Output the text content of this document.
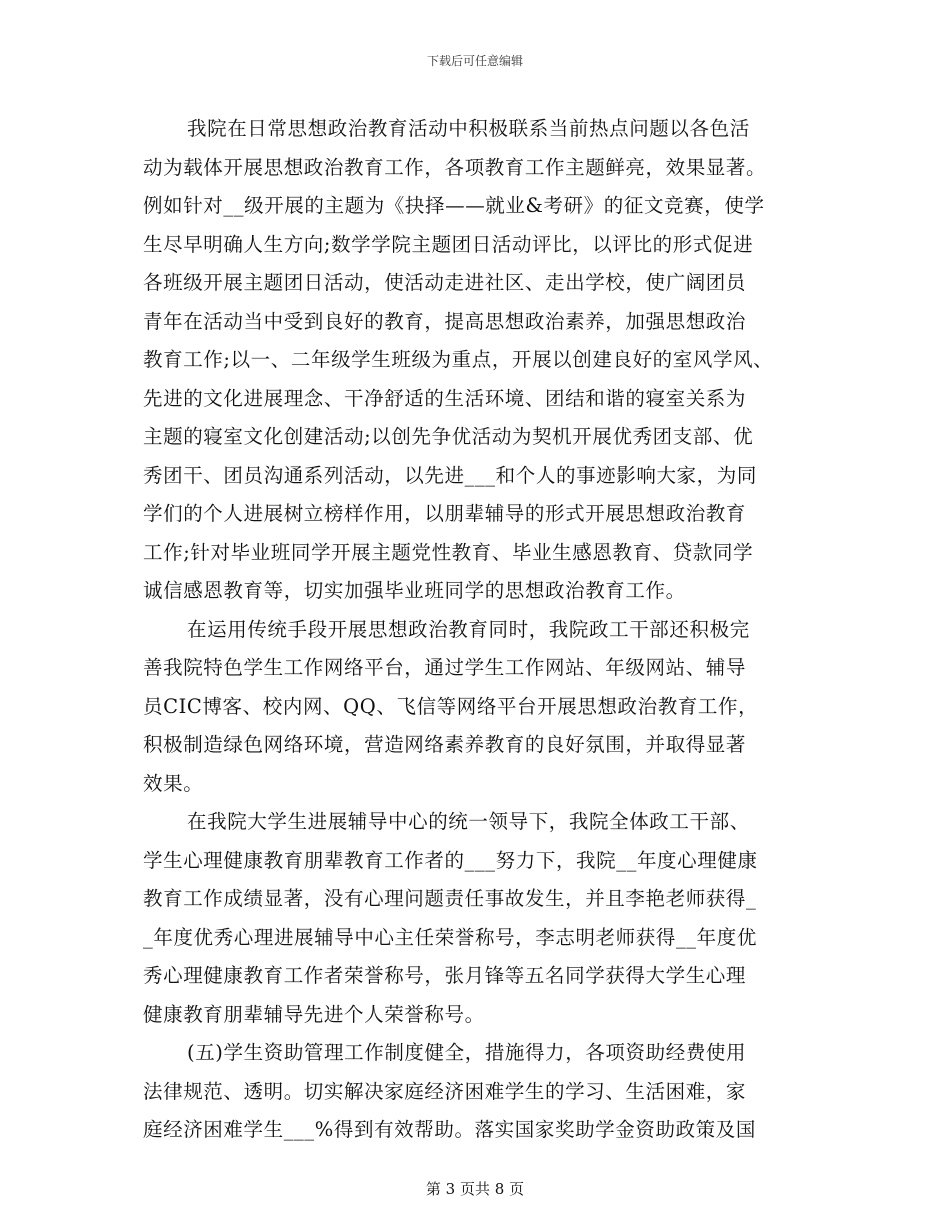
下载后可任意编辑
我院在日常思想政治教育活动中积极联系当前热点问题以各色活
动为载体开展思想政治教育工作，各项教育工作主题鲜亮，效果显著。
例如针对__级开展的主题为《抉择——就业&考研》的征文竞赛，使学
生尽早明确人生方向;数学学院主题团日活动评比，以评比的形式促进
各班级开展主题团日活动，使活动走进社区、走出学校，使广阔团员
青年在活动当中受到良好的教育，提高思想政治素养，加强思想政治
教育工作;以一、二年级学生班级为重点，开展以创建良好的室风学风、
先进的文化进展理念、干净舒适的生活环境、团结和谐的寝室关系为
主题的寝室文化创建活动;以创先争优活动为契机开展优秀团支部、优
秀团干、团员沟通系列活动，以先进___和个人的事迹影响大家，为同
学们的个人进展树立榜样作用，以朋辈辅导的形式开展思想政治教育
工作;针对毕业班同学开展主题党性教育、毕业生感恩教育、贷款同学
诚信感恩教育等，切实加强毕业班同学的思想政治教育工作。
在运用传统手段开展思想政治教育同时，我院政工干部还积极完
善我院特色学生工作网络平台，通过学生工作网站、年级网站、辅导
员CIC博客、校内网、QQ、飞信等网络平台开展思想政治教育工作，
积极制造绿色网络环境，营造网络素养教育的良好氛围，并取得显著
效果。
在我院大学生进展辅导中心的统一领导下，我院全体政工干部、
学生心理健康教育朋辈教育工作者的___努力下，我院__年度心理健康
教育工作成绩显著，没有心理问题责任事故发生，并且李艳老师获得_
_年度优秀心理进展辅导中心主任荣誉称号，李志明老师获得__年度优
秀心理健康教育工作者荣誉称号，张月锋等五名同学获得大学生心理
健康教育朋辈辅导先进个人荣誉称号。
(五)学生资助管理工作制度健全，措施得力，各项资助经费使用
法律规范、透明。切实解决家庭经济困难学生的学习、生活困难，家
庭经济困难学生___%得到有效帮助。落实国家奖助学金资助政策及国
第 3 页共 8 页
